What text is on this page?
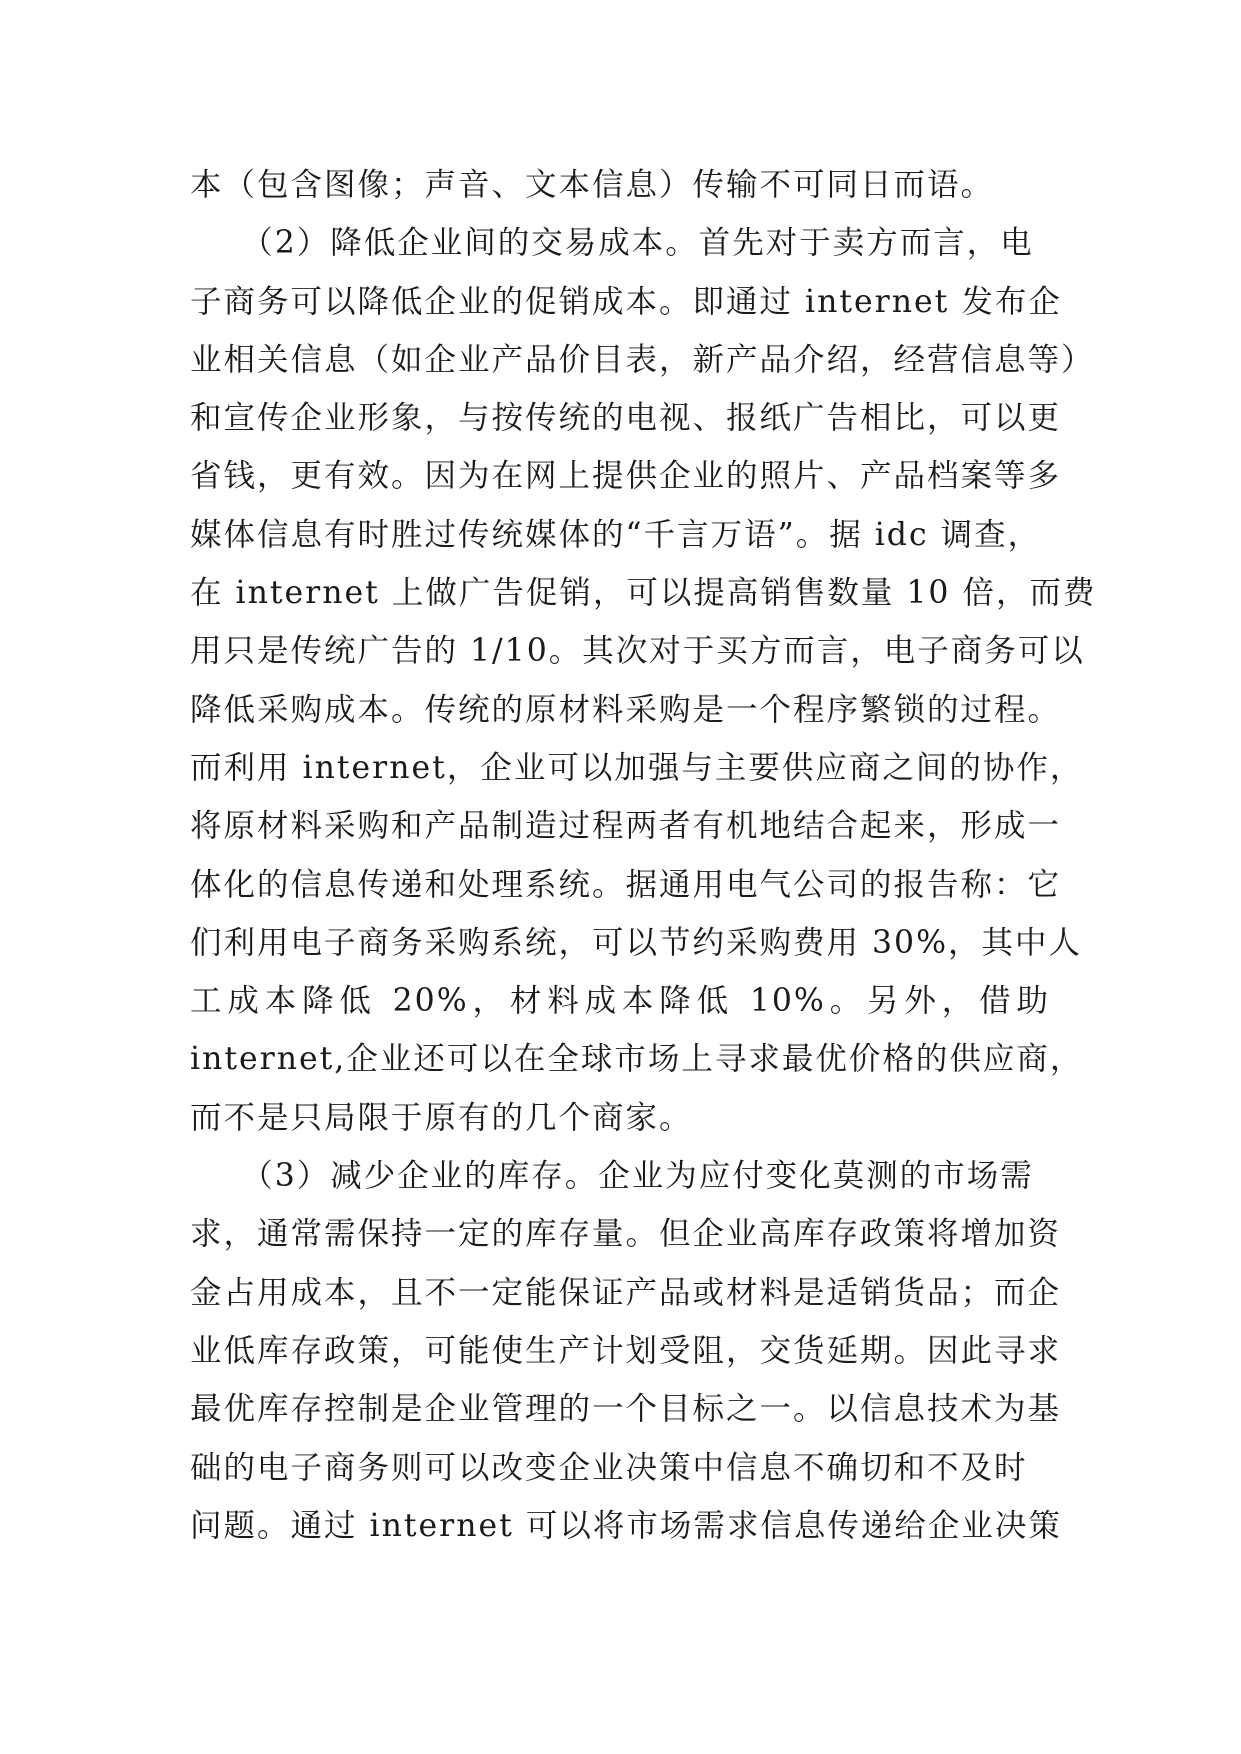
本（包含图像；声音、文本信息）传输不可同日而语。
　　（2）降低企业间的交易成本。首先对于卖方而言，电
子商务可以降低企业的促销成本。即通过 internet 发布企
业相关信息（如企业产品价目表，新产品介绍，经营信息等）
和宣传企业形象，与按传统的电视、报纸广告相比，可以更
省钱，更有效。因为在网上提供企业的照片、产品档案等多
媒体信息有时胜过传统媒体的“千言万语”。据 idc 调查，
在 internet 上做广告促销，可以提高销售数量 10 倍，而费
用只是传统广告的 1/10。其次对于买方而言，电子商务可以
降低采购成本。传统的原材料采购是一个程序繁锁的过程。
而利用 internet，企业可以加强与主要供应商之间的协作，
将原材料采购和产品制造过程两者有机地结合起来，形成一
体化的信息传递和处理系统。据通用电气公司的报告称：它
们利用电子商务采购系统，可以节约采购费用 30%，其中人
工成本降低 20%，材料成本降低 10%。另外，借助
internet,企业还可以在全球市场上寻求最优价格的供应商，
而不是只局限于原有的几个商家。
　　（3）减少企业的库存。企业为应付变化莫测的市场需
求，通常需保持一定的库存量。但企业高库存政策将增加资
金占用成本，且不一定能保证产品或材料是适销货品；而企
业低库存政策，可能使生产计划受阻，交货延期。因此寻求
最优库存控制是企业管理的一个目标之一。以信息技术为基
础的电子商务则可以改变企业决策中信息不确切和不及时
问题。通过 internet 可以将市场需求信息传递给企业决策
